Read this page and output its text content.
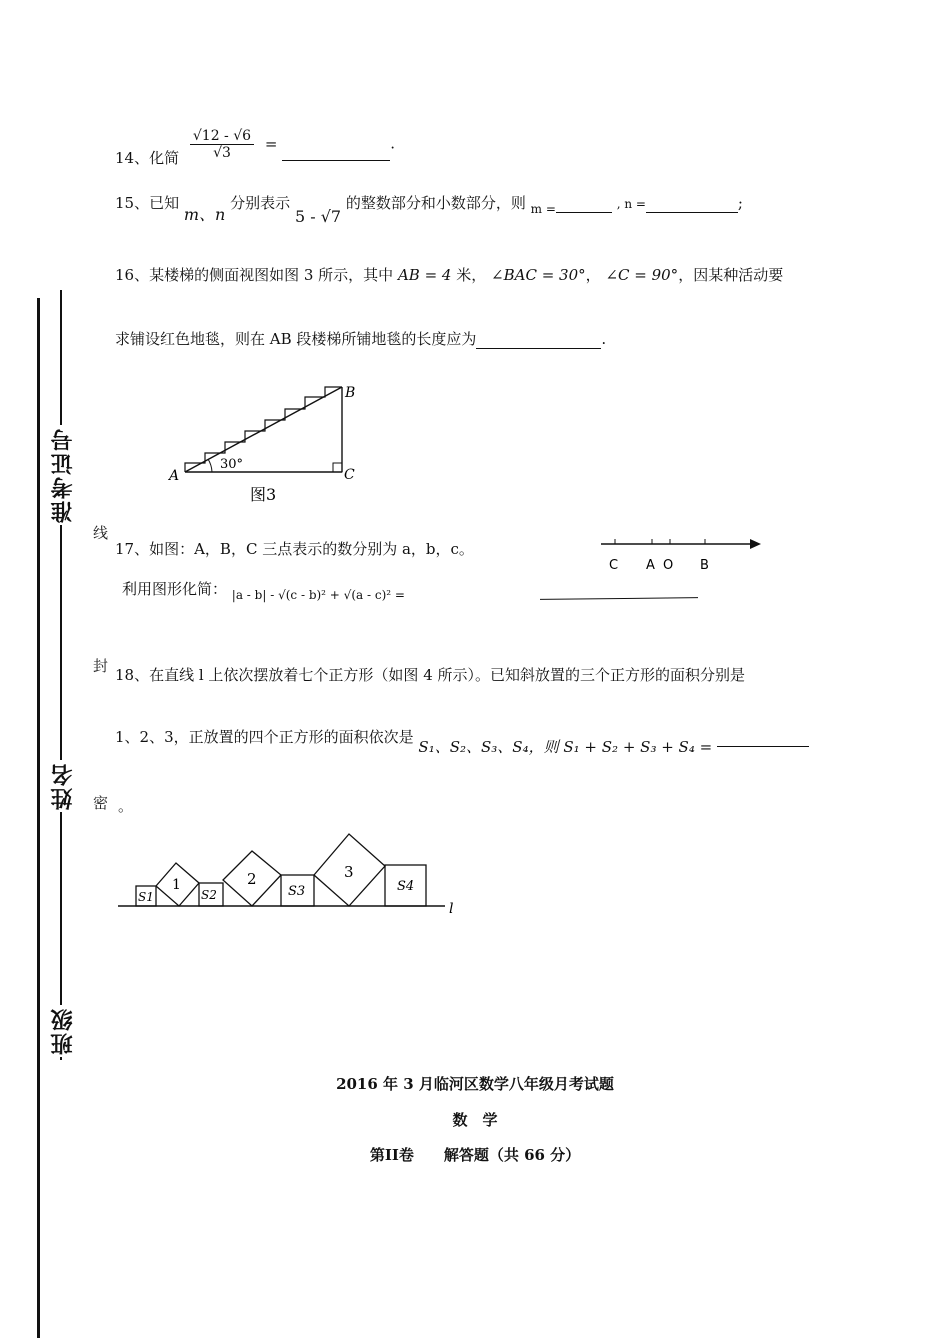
准考证号
姓名
班级
线
封
密
14、化简 $\frac{√12 - √6}{√3}$ =	.
15、已知 m、n 分别表示 5 - √7 的整数部分和小数部分，则 $_{m =}$	, n =	;
16、某楼梯的侧面视图如图 3 所示，其中 AB = 4 米， ∠BAC = 30°， ∠C = 90°，因某种活动要
求铺设红色地毯，则在 AB 段楼梯所铺地毯的长度应为	.
A
B
C
30°
图3
17、如图：A，B，C 三点表示的数分别为 a，b，c。
利用图形化简： $_{|a - b| - √(c - b)^2 + √(a - c)^2 =}$
C A O B
18、在直线 l 上依次摆放着七个正方形（如图 4 所示）。已知斜放置的三个正方形的面积分别是
1、2、3，正放置的四个正方形的面积依次是 S₁、S₂、S₃、S₄，则 S₁ + S₂ + S₃ + S₄ =
。
S1
1
S2
2
S3
3
S4
l
2016 年 3 月临河区数学八年级月考试题
数　学
第II卷　　解答题（共 66 分）
